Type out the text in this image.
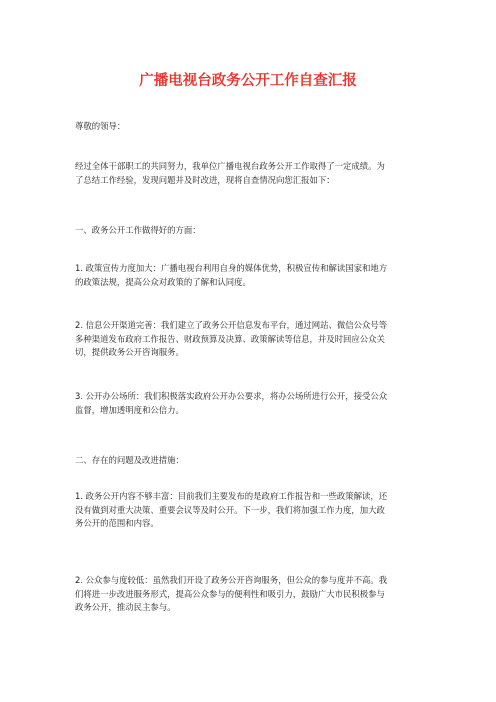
广播电视台政务公开工作自查汇报

尊敬的领导：

经过全体干部职工的共同努力，我单位广播电视台政务公开工作取得了一定成绩。为
了总结工作经验，发现问题并及时改进，现将自查情况向您汇报如下：

一、政务公开工作做得好的方面：

1. 政策宣传力度加大：广播电视台利用自身的媒体优势，积极宣传和解读国家和地方
的政策法规，提高公众对政策的了解和认同度。

2. 信息公开渠道完善：我们建立了政务公开信息发布平台，通过网站、微信公众号等
多种渠道发布政府工作报告、财政预算及决算、政策解读等信息，并及时回应公众关
切，提供政务公开咨询服务。

3. 公开办公场所：我们积极落实政府公开办公要求，将办公场所进行公开，接受公众
监督，增加透明度和公信力。

二、存在的问题及改进措施：

1. 政务公开内容不够丰富：目前我们主要发布的是政府工作报告和一些政策解读，还
没有做到对重大决策、重要会议等及时公开。下一步，我们将加强工作力度，加大政
务公开的范围和内容。

2. 公众参与度较低：虽然我们开设了政务公开咨询服务，但公众的参与度并不高。我
们将进一步改进服务形式，提高公众参与的便利性和吸引力，鼓励广大市民积极参与
政务公开，推动民主参与。
